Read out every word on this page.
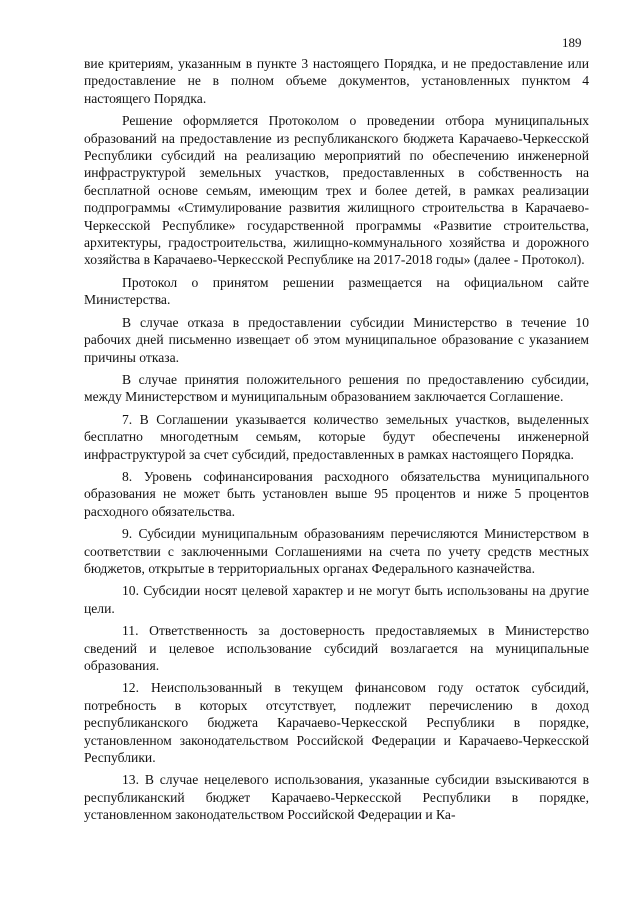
189

вие критериям, указанным в пункте 3 настоящего Порядка, и не предоставление или предоставление не в полном объеме документов, установленных пунктом 4 настоящего Порядка.

Решение оформляется Протоколом о проведении отбора муниципальных образований на предоставление из республиканского бюджета Карачаево-Черкесской Республики субсидий на реализацию мероприятий по обеспечению инженерной инфраструктурой земельных участков, предоставленных в собственность на бесплатной основе семьям, имеющим трех и более детей, в рамках реализации подпрограммы «Стимулирование развития жилищного строительства в Карачаево-Черкесской Республике» государственной программы «Развитие строительства, архитектуры, градостроительства, жилищно-коммунального хозяйства и дорожного хозяйства в Карачаево-Черкесской Республике на 2017-2018 годы» (далее - Протокол).

Протокол о принятом решении размещается на официальном сайте Министерства.

В случае отказа в предоставлении субсидии Министерство в течение 10 рабочих дней письменно извещает об этом муниципальное образование с указанием причины отказа.

В случае принятия положительного решения по предоставлению субсидии, между Министерством и муниципальным образованием заключается Соглашение.

7. В Соглашении указывается количество земельных участков, выделенных бесплатно многодетным семьям, которые будут обеспечены инженерной инфраструктурой за счет субсидий, предоставленных в рамках настоящего Порядка.

8. Уровень софинансирования расходного обязательства муниципального образования не может быть установлен выше 95 процентов и ниже 5 процентов расходного обязательства.

9. Субсидии муниципальным образованиям перечисляются Министерством в соответствии с заключенными Соглашениями на счета по учету средств местных бюджетов, открытые в территориальных органах Федерального казначейства.

10. Субсидии носят целевой характер и не могут быть использованы на другие цели.

11. Ответственность за достоверность предоставляемых в Министерство сведений и целевое использование субсидий возлагается на муниципальные образования.

12. Неиспользованный в текущем финансовом году остаток субсидий, потребность в которых отсутствует, подлежит перечислению в доход республиканского бюджета Карачаево-Черкесской Республики в порядке, установленном законодательством Российской Федерации и Карачаево-Черкесской Республики.

13. В случае нецелевого использования, указанные субсидии взыскиваются в республиканский бюджет Карачаево-Черкесской Республики в порядке, установленном законодательством Российской Федерации и Ка-
